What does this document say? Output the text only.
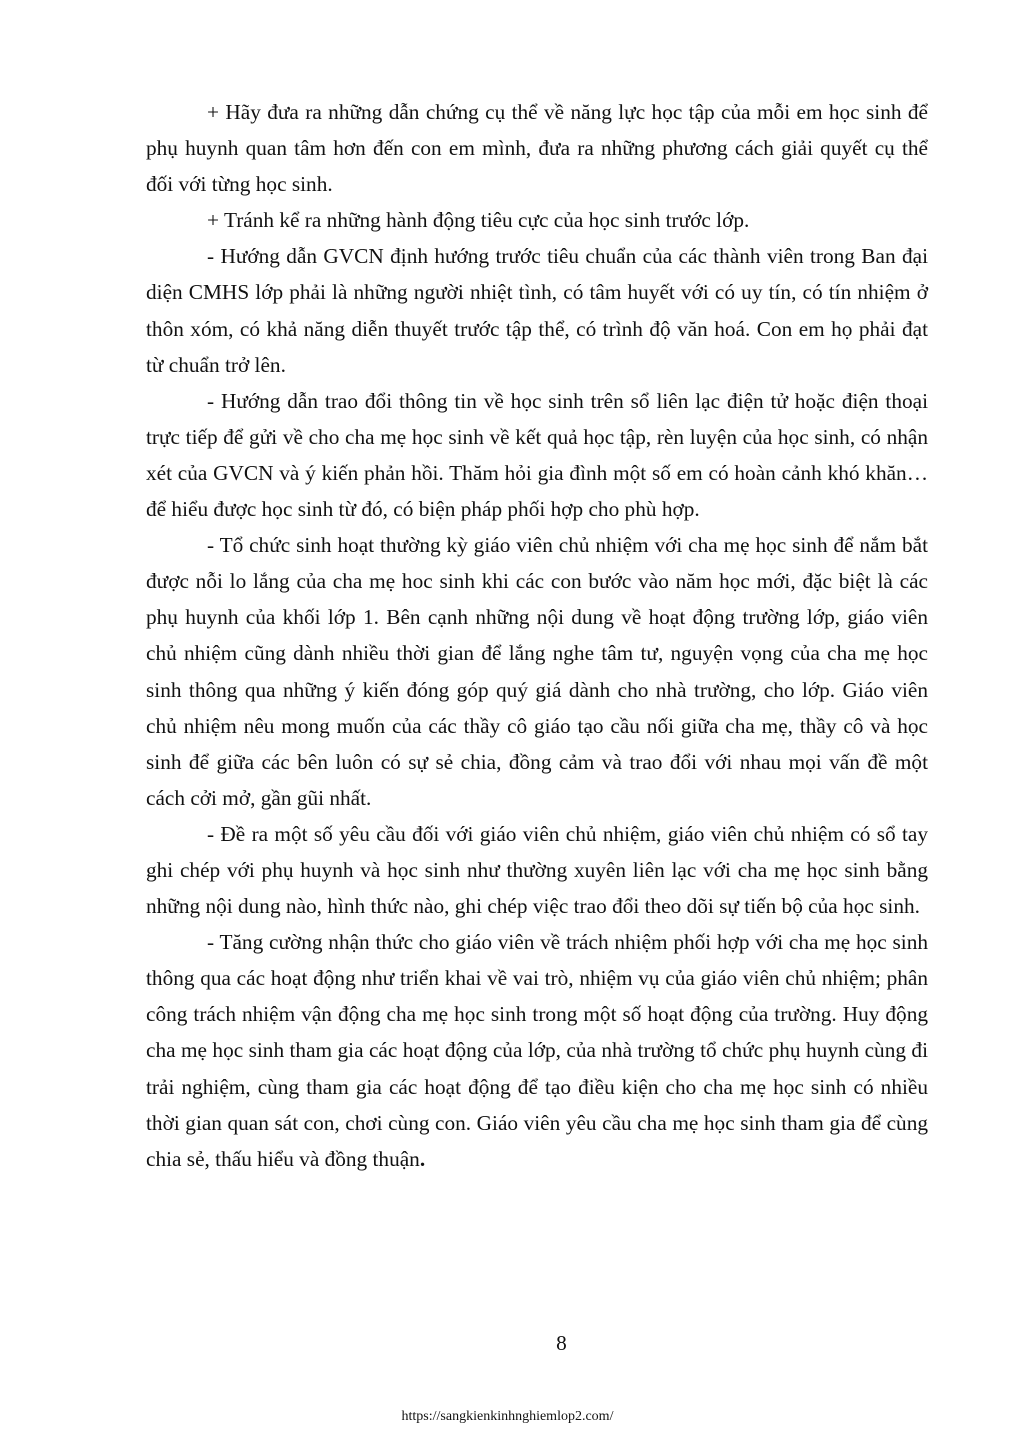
+ Hãy đưa ra những dẫn chứng cụ thể về năng lực học tập của mỗi em học sinh để phụ huynh quan tâm hơn đến con em mình, đưa ra những phương cách giải quyết cụ thể đối với từng học sinh.

+ Tránh kể ra những hành động tiêu cực của học sinh trước lớp.

- Hướng dẫn GVCN định hướng trước tiêu chuẩn của các thành viên trong Ban đại diện CMHS lớp phải là những người nhiệt tình, có tâm huyết với có uy tín, có tín nhiệm ở thôn xóm, có khả năng diễn thuyết trước tập thể, có trình độ văn hoá. Con em họ phải đạt từ chuẩn trở lên.

- Hướng dẫn trao đổi thông tin về học sinh trên sổ liên lạc điện tử hoặc điện thoại trực tiếp để gửi về cho cha mẹ học sinh về kết quả học tập, rèn luyện của học sinh, có nhận xét của GVCN và ý kiến phản hồi. Thăm hỏi gia đình một số em có hoàn cảnh khó khăn… để hiểu được học sinh từ đó, có biện pháp phối hợp cho phù hợp.

- Tổ chức sinh hoạt thường kỳ giáo viên chủ nhiệm với cha mẹ học sinh để nắm bắt được nỗi lo lắng của cha mẹ hoc sinh khi các con bước vào năm học mới, đặc biệt là các phụ huynh của khối lớp 1. Bên cạnh những nội dung về hoạt động trường lớp, giáo viên chủ nhiệm cũng dành nhiều thời gian để lắng nghe tâm tư, nguyện vọng của cha mẹ học sinh thông qua những ý kiến đóng góp quý giá dành cho nhà trường, cho lớp. Giáo viên chủ nhiệm nêu mong muốn của các thầy cô giáo tạo cầu nối giữa cha mẹ, thầy cô và học sinh để giữa các bên luôn có sự sẻ chia, đồng cảm và trao đổi với nhau mọi vấn đề một cách cởi mở, gần gũi nhất.

- Đề ra một số yêu cầu đối với giáo viên chủ nhiệm, giáo viên chủ nhiệm có sổ tay ghi chép với phụ huynh và học sinh như thường xuyên liên lạc với cha mẹ học sinh bằng những nội dung nào, hình thức nào, ghi chép việc trao đổi theo dõi sự tiến bộ của học sinh.

- Tăng cường nhận thức cho giáo viên về trách nhiệm phối hợp với cha mẹ học sinh thông qua các hoạt động như triển khai về vai trò, nhiệm vụ của giáo viên chủ nhiệm; phân công trách nhiệm vận động cha mẹ học sinh trong một số hoạt động của trường. Huy động cha mẹ học sinh tham gia các hoạt động của lớp, của nhà trường tổ chức phụ huynh cùng đi trải nghiệm, cùng tham gia các hoạt động để tạo điều kiện cho cha mẹ học sinh có nhiều thời gian quan sát con, chơi cùng con. Giáo viên yêu cầu cha mẹ học sinh tham gia để cùng chia sẻ, thấu hiểu và đồng thuận.

8
https://sangkienkinhnghiemlop2.com/
